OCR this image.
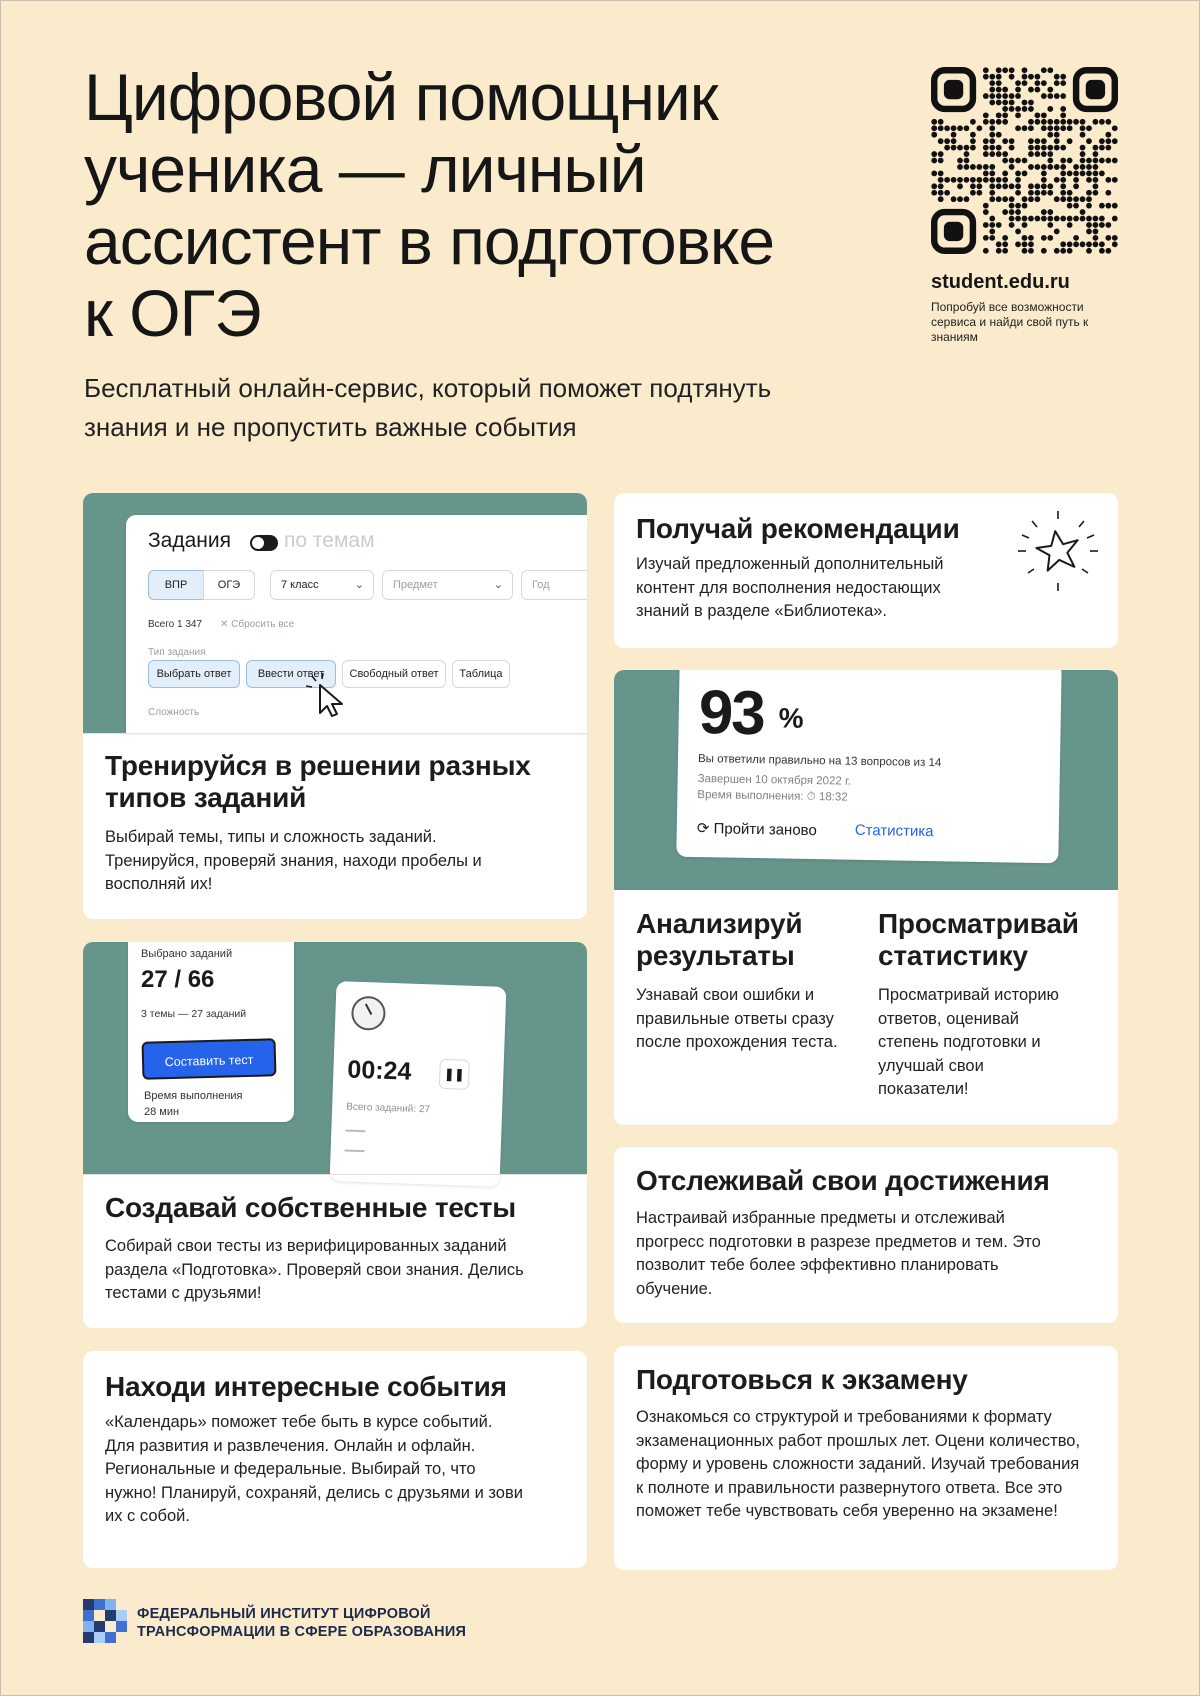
Цифровой помощник ученика — личный ассистент в подготовке к ОГЭ
Бесплатный онлайн-сервис, который поможет подтянуть знания и не пропустить важные события
student.edu.ru
Попробуй все возможности сервиса и найди свой путь к знаниям
Задания	по темам
ВПР	ОГЭ	7 класс	⌄	Предмет	⌄	Год
Всего 1 347 ✕ Сбросить все
Тип задания
Выбрать ответ	Ввести ответ	Свободный ответ	Таблица
Сложность
Тренируйся в решении разных типов заданий

Выбирай темы, типы и сложность заданий. Тренируйся, проверяй знания, находи пробелы и восполняй их!

Получай рекомендации

Изучай предложенный дополнительный контент для восполнения недостающих знаний в разделе «Библиотека».

93 %
Вы ответили правильно на 13 вопросов из 14
Завершен 10 октября 2022 г.
Время выполнения: ⏱ 18:32
⟳ Пройти заново	Статистика
Анализируй результаты

Узнавай свои ошибки и правильные ответы сразу после прохождения теста.

Просматривай статистику

Просматривай историю ответов, оценивай степень подготовки и улучшай свои показатели!

Выбрано заданий
27 / 66
3 темы — 27 заданий
Составить тест
Время выполнения
28 мин
00:24	❚❚
Всего заданий: 27
Создавай собственные тесты

Собирай свои тесты из верифицированных заданий раздела «Подготовка». Проверяй свои знания. Делись тестами с друзьями!

Отслеживай свои достижения

Настраивай избранные предметы и отслеживай прогресс подготовки в разрезе предметов и тем. Это позволит тебе более эффективно планировать обучение.

Находи интересные события

«Календарь» поможет тебе быть в курсе событий. Для развития и развлечения. Онлайн и офлайн. Региональные и федеральные. Выбирай то, что нужно! Планируй, сохраняй, делись с друзьями и зови их с собой.

Подготовься к экзамену

Ознакомься со структурой и требованиями к формату экзаменационных работ прошлых лет. Оцени количество, форму и уровень сложности заданий. Изучай требования к полноте и правильности развернутого ответа. Все это поможет тебе чувствовать себя уверенно на экзамене!

ФЕДЕРАЛЬНЫЙ ИНСТИТУТ ЦИФРОВОЙ ТРАНСФОРМАЦИИ В СФЕРЕ ОБРАЗОВАНИЯ
